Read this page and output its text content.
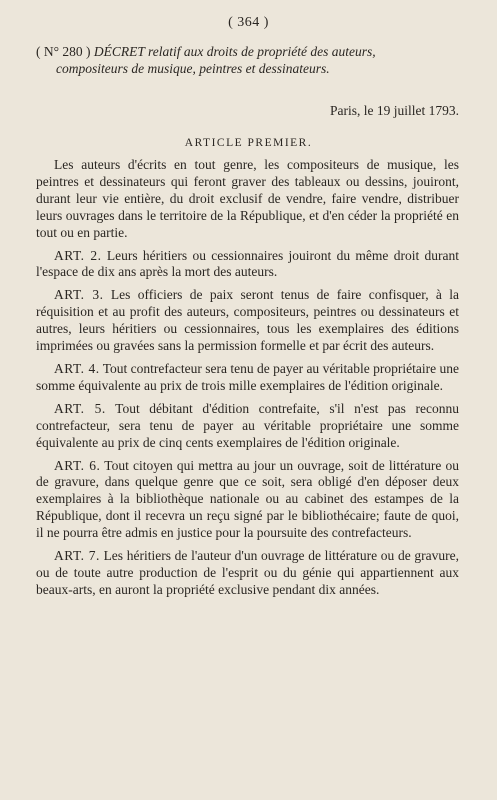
( 364 )
( N° 280 ) DÉCRET relatif aux droits de propriété des auteurs,
compositeurs de musique, peintres et dessinateurs.
Paris, le 19 juillet 1793.
ARTICLE PREMIER.

Les auteurs d'écrits en tout genre, les compositeurs de musique, les peintres et dessinateurs qui feront graver des tableaux ou dessins, jouiront, durant leur vie entière, du droit exclusif de vendre, faire vendre, distribuer leurs ouvrages dans le territoire de la République, et d'en céder la propriété en tout ou en partie.

ART. 2. Leurs héritiers ou cessionnaires jouiront du même droit durant l'espace de dix ans après la mort des auteurs.

ART. 3. Les officiers de paix seront tenus de faire confisquer, à la réquisition et au profit des auteurs, compositeurs, peintres ou dessinateurs et autres, leurs héritiers ou cessionnaires, tous les exemplaires des éditions imprimées ou gravées sans la permission formelle et par écrit des auteurs.

ART. 4. Tout contrefacteur sera tenu de payer au véritable propriétaire une somme équivalente au prix de trois mille exemplaires de l'édition originale.

ART. 5. Tout débitant d'édition contrefaite, s'il n'est pas reconnu contrefacteur, sera tenu de payer au véritable propriétaire une somme équivalente au prix de cinq cents exemplaires de l'édition originale.

ART. 6. Tout citoyen qui mettra au jour un ouvrage, soit de littérature ou de gravure, dans quelque genre que ce soit, sera obligé d'en déposer deux exemplaires à la bibliothèque nationale ou au cabinet des estampes de la République, dont il recevra un reçu signé par le bibliothécaire; faute de quoi, il ne pourra être admis en justice pour la poursuite des contrefacteurs.

ART. 7. Les héritiers de l'auteur d'un ouvrage de littérature ou de gravure, ou de toute autre production de l'esprit ou du génie qui appartiennent aux beaux-arts, en auront la propriété exclusive pendant dix années.
